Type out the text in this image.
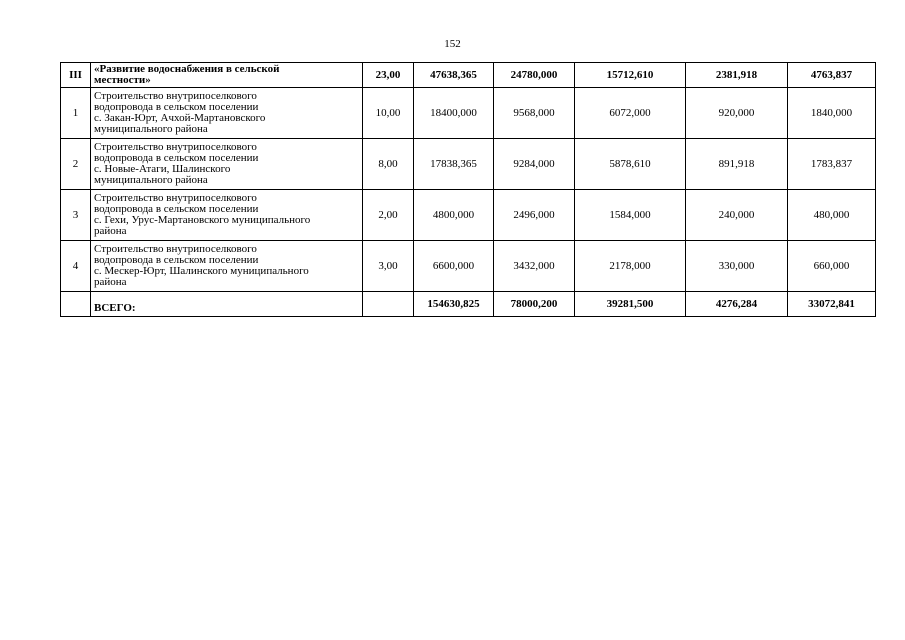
152
III	«Развитие водоснабжения в сельской
местности»	23,00	47638,365	24780,000	15712,610	2381,918	4763,837
1	Строительство внутрипоселкового
водопровода в сельском поселении
с. Закан-Юрт, Ачхой-Мартановского
муниципального района	10,00	18400,000	9568,000	6072,000	920,000	1840,000
2	Строительство внутрипоселкового
водопровода в сельском поселении
с. Новые-Атаги, Шалинского
муниципального района	8,00	17838,365	9284,000	5878,610	891,918	1783,837
3	Строительство внутрипоселкового
водопровода в сельском поселении
с. Гехи, Урус-Мартановского муниципального
района	2,00	4800,000	2496,000	1584,000	240,000	480,000
4	Строительство внутрипоселкового
водопровода в сельском поселении
с. Мескер-Юрт, Шалинского муниципального
района	3,00	6600,000	3432,000	2178,000	330,000	660,000
	ВСЕГО:		154630,825	78000,200	39281,500	4276,284	33072,841
